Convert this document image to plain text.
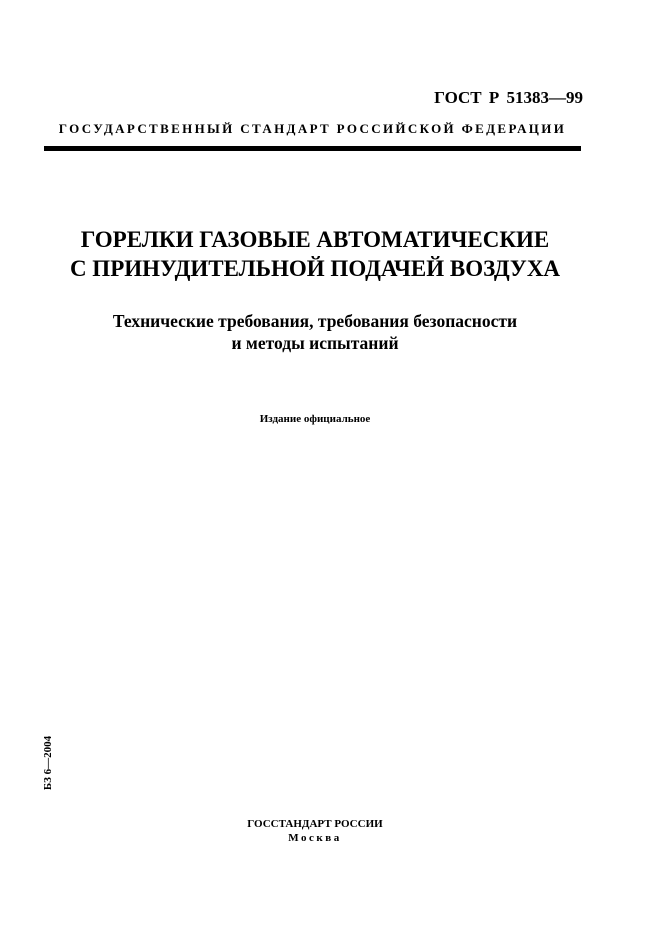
ГОСТ Р 51383—99
ГОСУДАРСТВЕННЫЙ СТАНДАРТ РОССИЙСКОЙ ФЕДЕРАЦИИ
ГОРЕЛКИ ГАЗОВЫЕ АВТОМАТИЧЕСКИЕ
С ПРИНУДИТЕЛЬНОЙ ПОДАЧЕЙ ВОЗДУХА
Технические требования, требования безопасности
и методы испытаний
Издание официальное
БЗ 6—2004
ГОССТАНДАРТ РОССИИ
Москва
